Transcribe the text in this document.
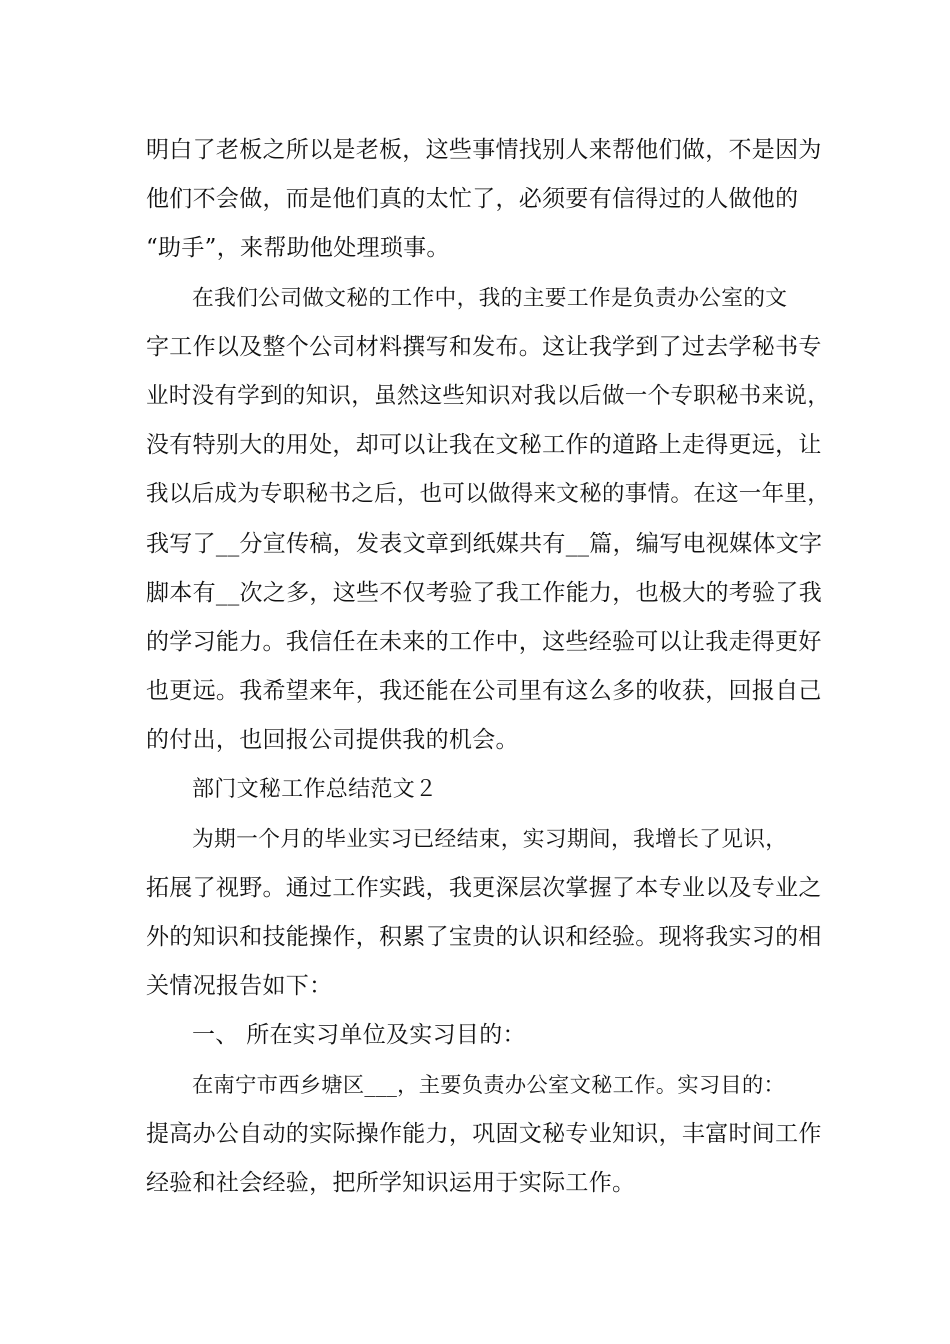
明白了老板之所以是老板，这些事情找别人来帮他们做，不是因为
他们不会做，而是他们真的太忙了，必须要有信得过的人做他的
“助手”，来帮助他处理琐事。
在我们公司做文秘的工作中，我的主要工作是负责办公室的文
字工作以及整个公司材料撰写和发布。这让我学到了过去学秘书专
业时没有学到的知识，虽然这些知识对我以后做一个专职秘书来说，
没有特别大的用处，却可以让我在文秘工作的道路上走得更远，让
我以后成为专职秘书之后，也可以做得来文秘的事情。在这一年里，
我写了__分宣传稿，发表文章到纸媒共有__篇，编写电视媒体文字
脚本有__次之多，这些不仅考验了我工作能力，也极大的考验了我
的学习能力。我信任在未来的工作中，这些经验可以让我走得更好
也更远。我希望来年，我还能在公司里有这么多的收获，回报自己
的付出，也回报公司提供我的机会。
部门文秘工作总结范文２
为期一个月的毕业实习已经结束，实习期间，我增长了见识，
拓展了视野。通过工作实践，我更深层次掌握了本专业以及专业之
外的知识和技能操作，积累了宝贵的认识和经验。现将我实习的相
关情况报告如下：
一、 所在实习单位及实习目的：
在南宁市西乡塘区___，主要负责办公室文秘工作。实习目的：
提高办公自动的实际操作能力，巩固文秘专业知识，丰富时间工作
经验和社会经验，把所学知识运用于实际工作。
